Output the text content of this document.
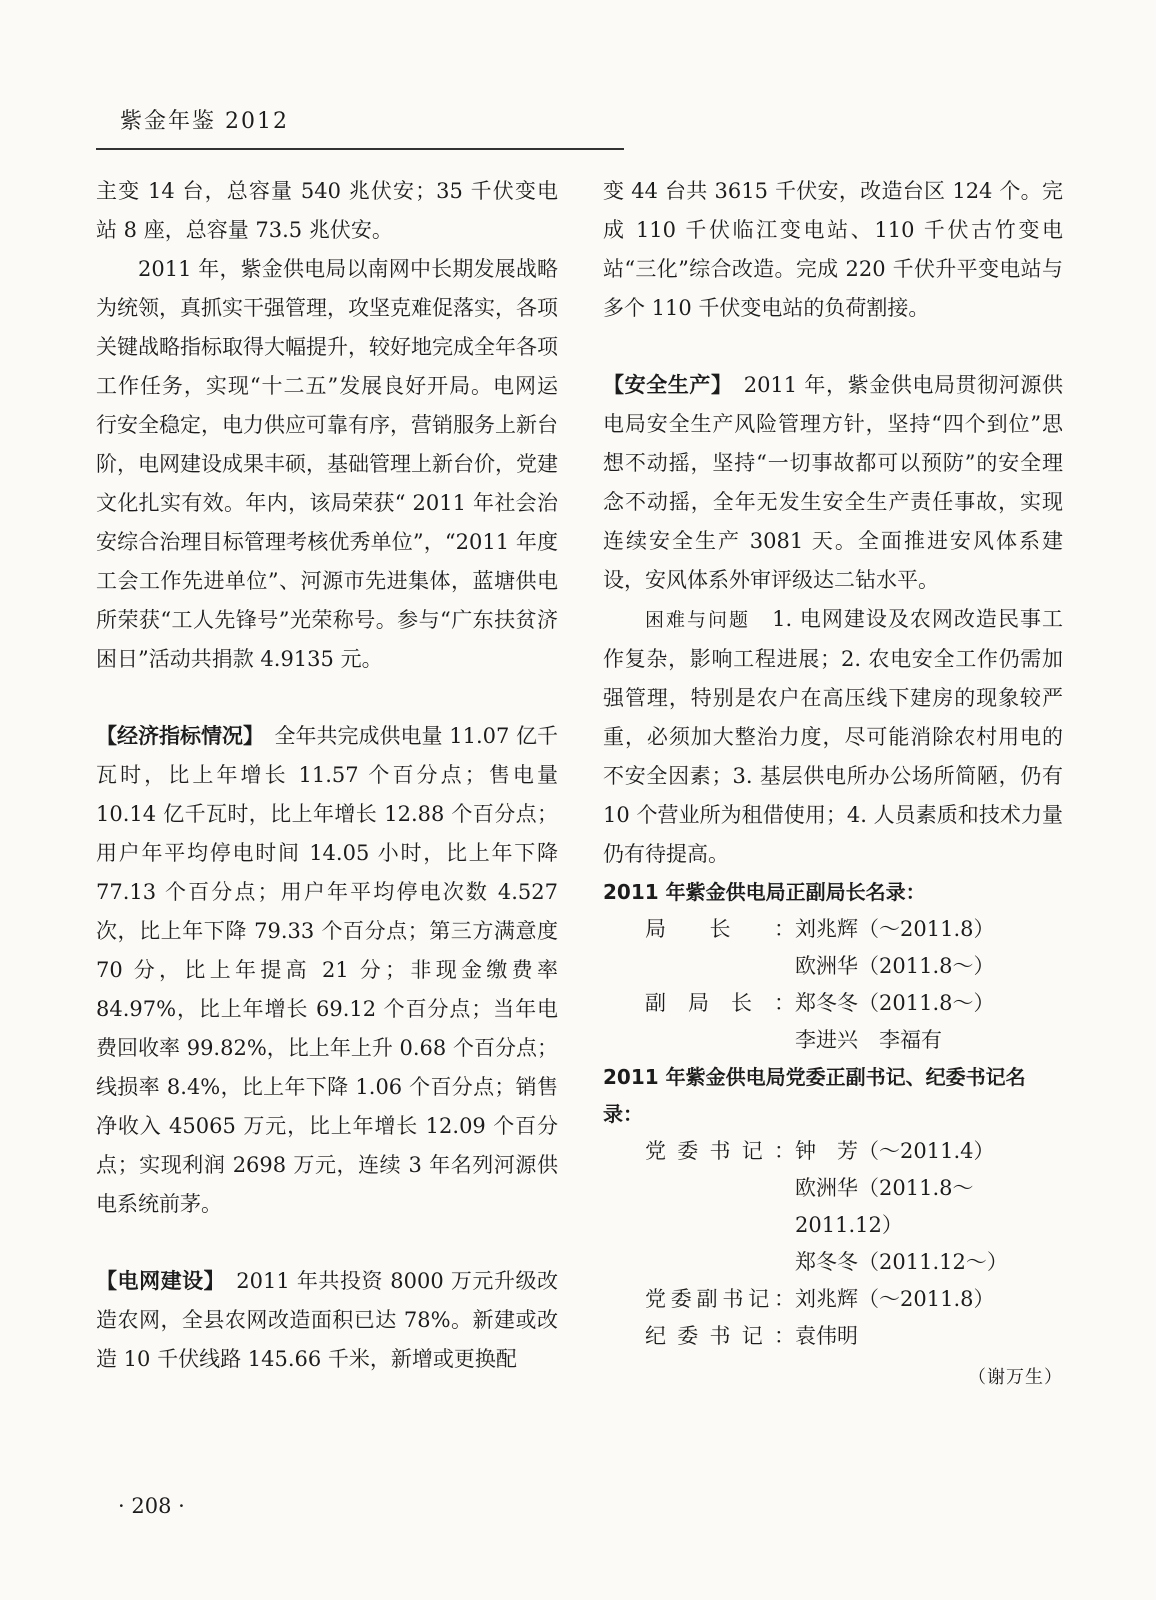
紫金年鉴 2012

主变 14 台，总容量 540 兆伏安；35 千伏变电站 8 座，总容量 73.5 兆伏安。

2011 年，紫金供电局以南网中长期发展战略为统领，真抓实干强管理，攻坚克难促落实，各项关键战略指标取得大幅提升，较好地完成全年各项工作任务，实现“十二五”发展良好开局。电网运行安全稳定，电力供应可靠有序，营销服务上新台阶，电网建设成果丰硕，基础管理上新台价，党建文化扎实有效。年内，该局荣获“ 2011 年社会治安综合治理目标管理考核优秀单位”，“2011 年度工会工作先进单位”、河源市先进集体，蓝塘供电所荣获“工人先锋号”光荣称号。参与“广东扶贫济困日”活动共捐款 4.9135 元。

【经济指标情况】　 全年共完成供电量 11.07 亿千瓦时，比上年增长 11.57 个百分点；售电量 10.14 亿千瓦时，比上年增长 12.88 个百分点；用户年平均停电时间 14.05 小时，比上年下降 77.13 个百分点；用户年平均停电次数 4.527 次，比上年下降 79.33 个百分点；第三方满意度 70 分，比上年提高 21 分；非现金缴费率 84.97%，比上年增长 69.12 个百分点；当年电费回收率 99.82%，比上年上升 0.68 个百分点；线损率 8.4%，比上年下降 1.06 个百分点；销售净收入 45065 万元，比上年增长 12.09 个百分点；实现利润 2698 万元，连续 3 年名列河源供电系统前茅。

【电网建设】　 2011 年共投资 8000 万元升级改造农网，全县农网改造面积已达 78%。新建或改造 10 千伏线路 145.66 千米，新增或更换配

变 44 台共 3615 千伏安，改造台区 124 个。完成 110 千伏临江变电站、110 千伏古竹变电站“三化”综合改造。完成 220 千伏升平变电站与多个 110 千伏变电站的负荷割接。

【安全生产】　 2011 年，紫金供电局贯彻河源供电局安全生产风险管理方针，坚持“四个到位”思想不动摇，坚持“一切事故都可以预防”的安全理念不动摇，全年无发生安全生产责任事故，实现连续安全生产 3081 天。全面推进安风体系建设，安风体系外审评级达二钻水平。

困难与问题　 1. 电网建设及农网改造民事工作复杂，影响工程进展；2. 农电安全工作仍需加强管理，特别是农户在高压线下建房的现象较严重，必须加大整治力度，尽可能消除农村用电的不安全因素；3. 基层供电所办公场所简陋，仍有 10 个营业所为租借使用；4. 人员素质和技术力量仍有待提高。

2011 年紫金供电局正副局长名录：
局长： 刘兆辉（～2011.8）
欧洲华（2011.8～）
副局长： 郑冬冬（2011.8～）
李进兴　李福有
2011 年紫金供电局党委正副书记、纪委书记名录：
党委书记： 钟　芳（～2011.4）
欧洲华（2011.8～2011.12）
郑冬冬（2011.12～）
党委副书记： 刘兆辉（～2011.8）
纪委书记： 袁伟明
（谢万生）
· 208 ·
